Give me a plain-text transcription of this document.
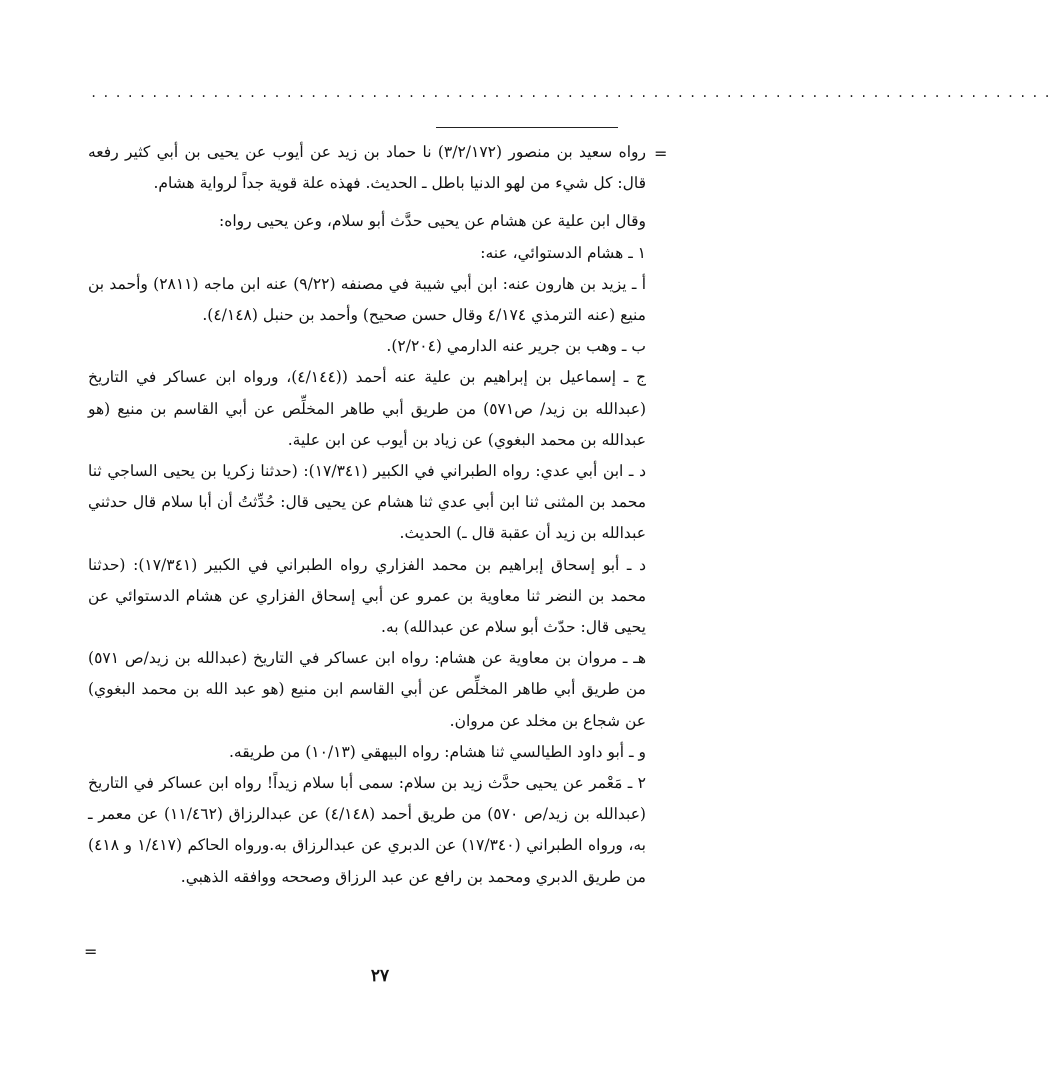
...............................................................................
=
=

رواه سعيد بن منصور (٣/٢/١٧٢) نا حماد بن زيد عن أيوب عن يحيى بن أبي كثير رفعه قال: كل شيء من لهو الدنيا باطل ـ الحديث. فهذه علة قوية جداً لرواية هشام.

وقال ابن علية عن هشام عن يحيى حدَّث أبو سلام، وعن يحيى رواه:

١ ـ هشام الدستوائي، عنه:

أ ـ يزيد بن هارون عنه: ابن أبي شيبة في مصنفه (٩/٢٢) عنه ابن ماجه (٢٨١١) وأحمد بن منيع (عنه الترمذي ٤/١٧٤ وقال حسن صحيح) وأحمد بن حنبل (٤/١٤٨).

ب ـ وهب بن جرير عنه الدارمي (٢/٢٠٤).

ج ـ إسماعيل بن إبراهيم بن علية عنه أحمد ((٤/١٤٤)، ورواه ابن عساكر في التاريخ (عبدالله بن زيد/ ص٥٧١) من طريق أبي طاهر المخلِّص عن أبي القاسم بن منيع (هو عبدالله بن محمد البغوي) عن زياد بن أيوب عن ابن علية.

د ـ ابن أبي عدي: رواه الطبراني في الكبير (١٧/٣٤١): (حدثنا زكريا بن يحيى الساجي ثنا محمد بن المثنى ثنا ابن أبي عدي ثنا هشام عن يحيى قال: حُدِّثتُ أن أبا سلام قال حدثني عبدالله بن زيد أن عقبة قال ـ) الحديث.

د ـ أبو إسحاق إبراهيم بن محمد الفزاري رواه الطبراني في الكبير (١٧/٣٤١): (حدثنا محمد بن النضر ثنا معاوية بن عمرو عن أبي إسحاق الفزاري عن هشام الدستوائي عن يحيى قال: حدّث أبو سلام عن عبدالله) به.

هـ ـ مروان بن معاوية عن هشام: رواه ابن عساكر في التاريخ (عبدالله بن زيد/ص ٥٧١) من طريق أبي طاهر المخلِّص عن أبي القاسم ابن منيع (هو عبد الله بن محمد البغوي) عن شجاع بن مخلد عن مروان.

و ـ أبو داود الطيالسي ثنا هشام: رواه البيهقي (١٠/١٣) من طريقه.

٢ ـ مَعْمر عن يحيى حدَّث زيد بن سلام: سمى أبا سلام زيداً! رواه ابن عساكر في التاريخ (عبدالله بن زيد/ص ٥٧٠) من طريق أحمد (٤/١٤٨) عن عبدالرزاق (١١/٤٦٢) عن معمر ـ به، ورواه الطبراني (١٧/٣٤٠) عن الدبري عن عبدالرزاق به.ورواه الحاكم (١/٤١٧ و ٤١٨) من طريق الدبري ومحمد بن رافع عن عبد الرزاق وصححه ووافقه الذهبي.

٢٧
